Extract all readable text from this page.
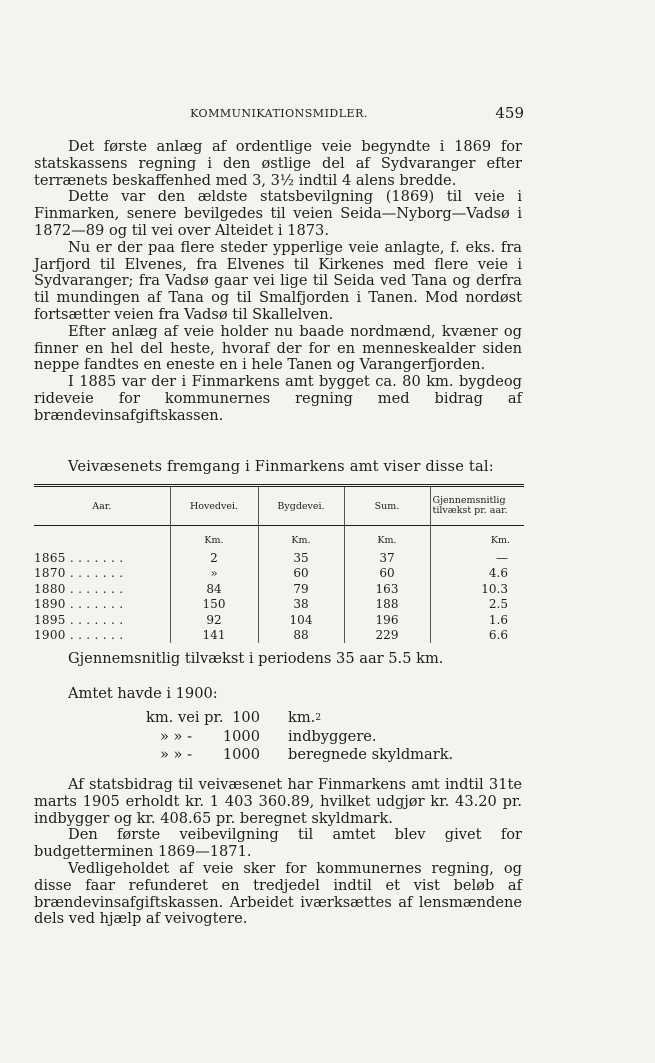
KOMMUNIKATIONSMIDLER.	459

Det første anlæg af ordentlige veie begyndte i 1869 for statskassens regning i den østlige del af Sydvaranger efter terrænets beskaffenhed med 3, 3½ indtil 4 alens bredde.

Dette var den ældste statsbevilgning (1869) til veie i Finmarken, senere bevilgedes til veien Seida—Nyborg—Vadsø i 1872—89 og til vei over Alteidet i 1873.

Nu er der paa flere steder ypperlige veie anlagte, f. eks. fra Jarfjord til Elvenes, fra Elvenes til Kirkenes med flere veie i Sydvaranger; fra Vadsø gaar vei lige til Seida ved Tana og derfra til mundingen af Tana og til Smalfjorden i Tanen. Mod nordøst fortsætter veien fra Vadsø til Skallelven.

Efter anlæg af veie holder nu baade nordmænd, kvæner og finner en hel del heste, hvoraf der for en menneskealder siden neppe fandtes en eneste en i hele Tanen og Varangerfjorden.

I 1885 var der i Finmarkens amt bygget ca. 80 km. bygdeog rideveie for kommunernes regning med bidrag af brændevinsafgiftskassen.

Veivæsenets fremgang i Finmarkens amt viser disse tal:
Aar.	Hovedvei.	Bygdevei.	Sum.	Gjennemsnitlig
tilvækst pr. aar.
	Km.	Km.	Km.	Km.
1865 . . . . . . .	2	35	37	—
1870 . . . . . . .	»	60	60	4.6
1880 . . . . . . .	84	79	163	10.3
1890 . . . . . . .	150	38	188	2.5
1895 . . . . . . .	92	104	196	1.6
1900 . . . . . . .	141	88	229	6.6
Gjennemsnitlig tilvækst i periodens 35 aar 5.5 km.
Amtet havde i 1900:
km. vei pr. 100 km.$^2$
» » -	1000 indbyggere.
» » -	1000 beregnede skyldmark.

Af statsbidrag til veivæsenet har Finmarkens amt indtil 31te marts 1905 erholdt kr. 1 403 360.89, hvilket udgjør kr. 43.20 pr. indbygger og kr. 408.65 pr. beregnet skyldmark.

Den første veibevilgning til amtet blev givet for budgetterminen 1869—1871.

Vedligeholdet af veie sker for kommunernes regning, og disse faar refunderet en tredjedel indtil et vist beløb af brændevinsafgiftskassen. Arbeidet iværksættes af lensmændene dels ved hjælp af veivogtere.
